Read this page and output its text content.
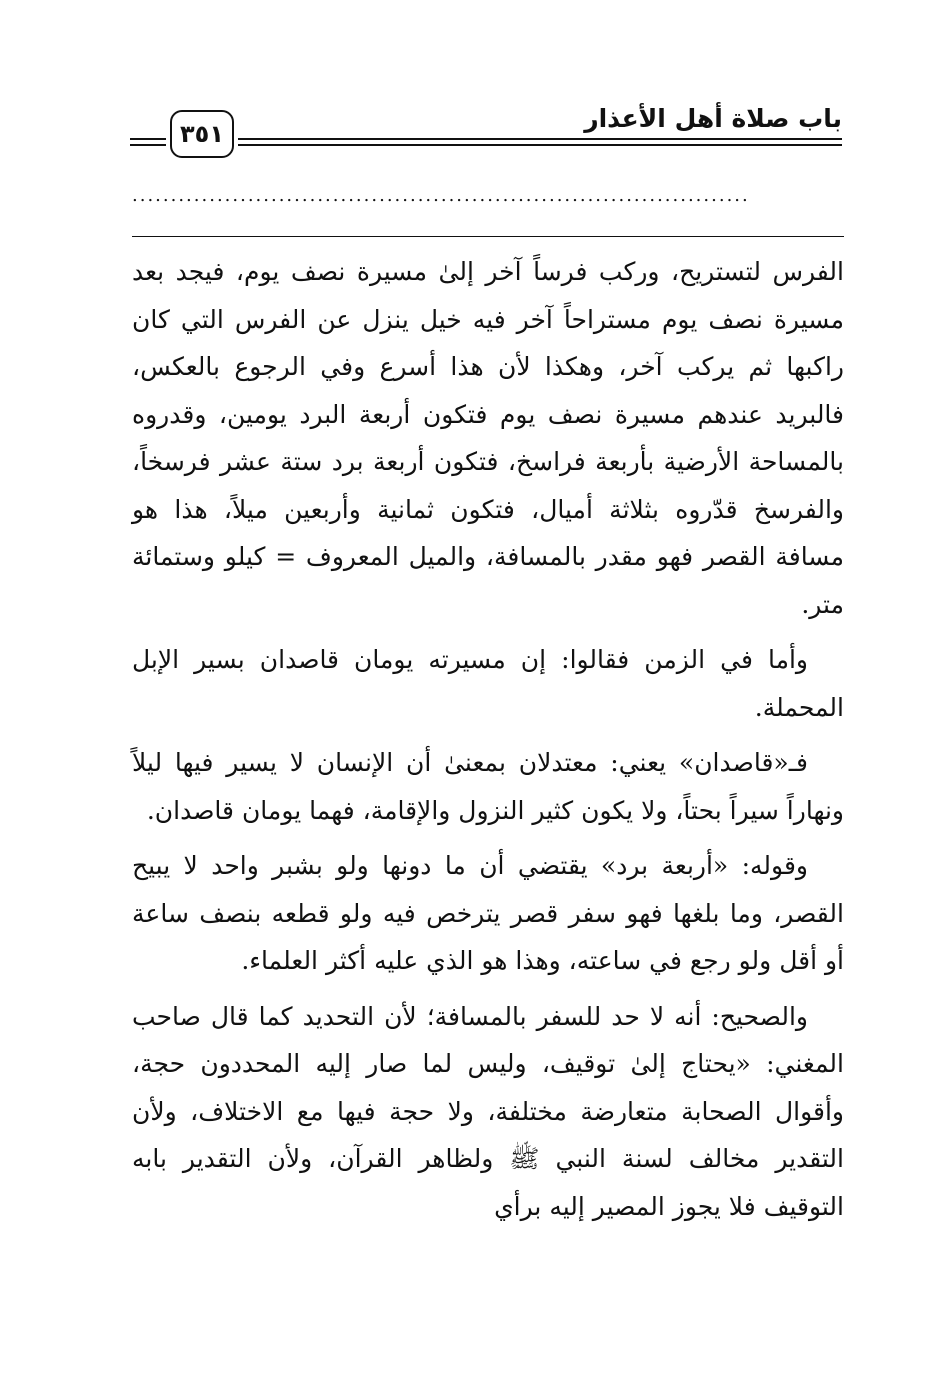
باب صلاة أهل الأعذار
٣٥١
................................................................................

الفرس لتستريح، وركب فرساً آخر إلىٰ مسيرة نصف يوم، فيجد بعد مسيرة نصف يوم مستراحاً آخر فيه خيل ينزل عن الفرس التي كان راكبها ثم يركب آخر، وهكذا لأن هذا أسرع وفي الرجوع بالعكس، فالبريد عندهم مسيرة نصف يوم فتكون أربعة البرد يومين، وقدروه بالمساحة الأرضية بأربعة فراسخ، فتكون أربعة برد ستة عشر فرسخاً، والفرسخ قدّروه بثلاثة أميال، فتكون ثمانية وأربعين ميلاً، هذا هو مسافة القصر فهو مقدر بالمسافة، والميل المعروف = كيلو وستمائة متر.

وأما في الزمن فقالوا: إن مسيرته يومان قاصدان بسير الإبل المحملة.

فـ«قاصدان» يعني: معتدلان بمعنىٰ أن الإنسان لا يسير فيها ليلاً ونهاراً سيراً بحتاً، ولا يكون كثير النزول والإقامة، فهما يومان قاصدان.

وقوله: «أربعة برد» يقتضي أن ما دونها ولو بشبر واحد لا يبيح القصر، وما بلغها فهو سفر قصر يترخص فيه ولو قطعه بنصف ساعة أو أقل ولو رجع في ساعته، وهذا هو الذي عليه أكثر العلماء.

والصحيح: أنه لا حد للسفر بالمسافة؛ لأن التحديد كما قال صاحب المغني: «يحتاج إلىٰ توقيف، وليس لما صار إليه المحددون حجة، وأقوال الصحابة متعارضة مختلفة، ولا حجة فيها مع الاختلاف، ولأن التقدير مخالف لسنة النبي ﷺ ولظاهر القرآن، ولأن التقدير بابه التوقيف فلا يجوز المصير إليه برأي
